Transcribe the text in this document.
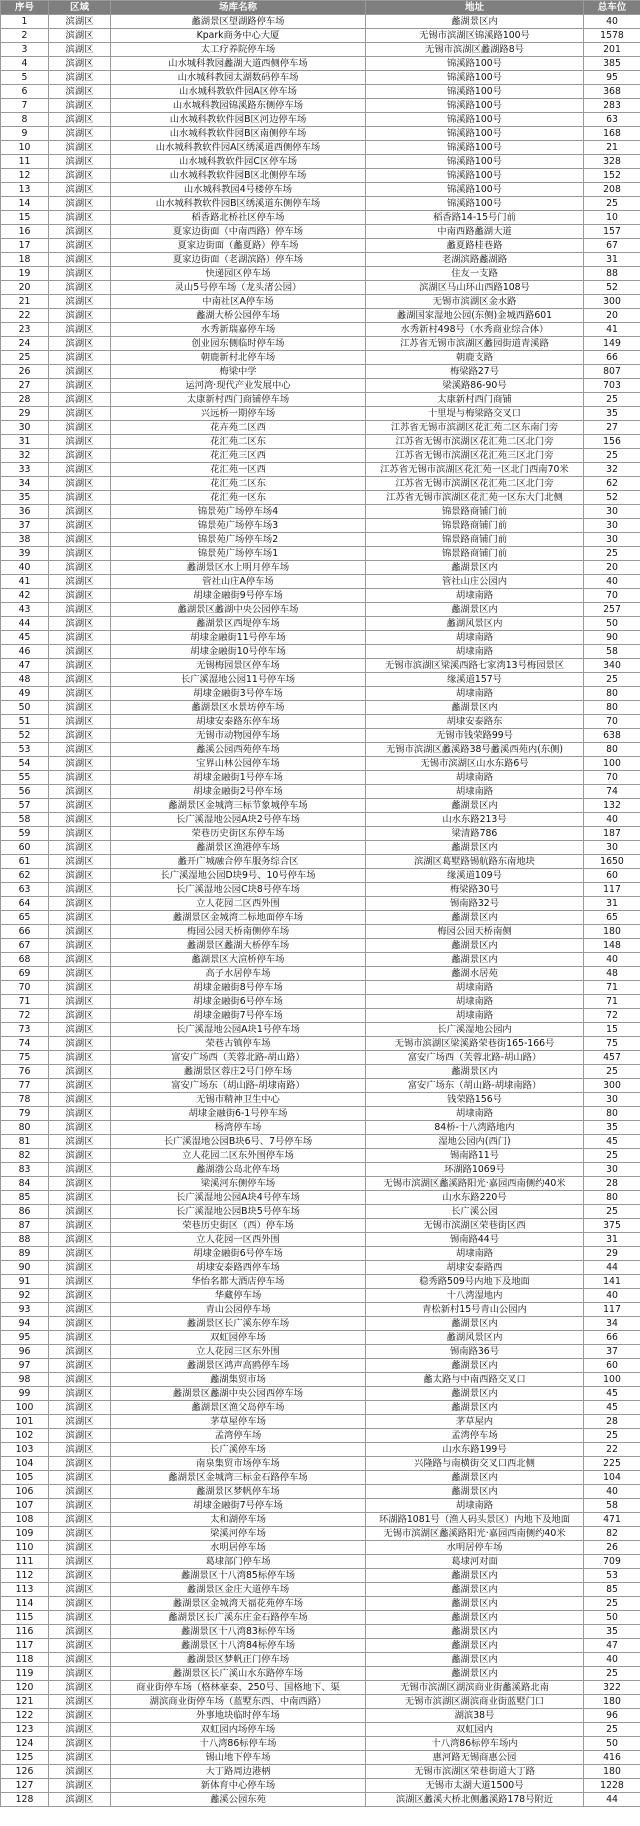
序号	区域	场库名称	地址	总车位
1	滨湖区	蠡湖景区望湖路停车场	蠡湖景区内	40
2	滨湖区	Kpark商务中心大厦	无锡市滨湖区锦溪路100号	1578
3	滨湖区	太工疗养院停车场	无锡市滨湖区蠡湖路8号	201
4	滨湖区	山水城科教园蠡湖大道西侧停车场	锦溪路100号	385
5	滨湖区	山水城科教园太湖数码停车场	锦溪路100号	95
6	滨湖区	山水城科教软件园A区停车场	锦溪路100号	368
7	滨湖区	山水城科教园锦溪路东侧停车场	锦溪路100号	283
8	滨湖区	山水城科教软件园B区河边停车场	锦溪路100号	63
9	滨湖区	山水城科教软件园B区南侧停车场	锦溪路100号	168
10	滨湖区	山水城科教软件园A区绣溪道西侧停车场	锦溪路100号	21
11	滨湖区	山水城科教软件园C区停车场	锦溪路100号	328
12	滨湖区	山水城科教软件园B区北侧停车场	锦溪路100号	152
13	滨湖区	山水城科教园4号楼停车场	锦溪路100号	208
14	滨湖区	山水城科教软件园B区绣溪道东侧停车场	锦溪路100号	25
15	滨湖区	稻香路北桥社区停车场	稻香路14-15号门前	10
16	滨湖区	夏家边街面（中南西路）停车场	中南西路蠡湖大道	157
17	滨湖区	夏家边街面（蠡夏路）停车场	蠡夏路桂巷路	67
18	滨湖区	夏家边街面（老湖滨路）停车场	老湖滨路蠡湖路	31
19	滨湖区	快递园区停车场	住友一支路	88
20	滨湖区	灵山5号停车场（龙头渚公园）	滨湖区马山环山西路108号	52
21	滨湖区	中南社区A停车场	无锡市滨湖区金水路	300
22	滨湖区	蠡湖大桥公园停车场	蠡湖国家湿地公园(东侧)金城西路601	20
23	滨湖区	水秀新瑞嘉停车场	水秀新村498号（水秀商业综合体）	41
24	滨湖区	创业园东侧临时停车场	江苏省无锡市滨湖区蠡园街道青溪路	149
25	滨湖区	朝鹿新村北停车场	朝鹿支路	66
26	滨湖区	梅梁中学	梅梁路27号	807
27	滨湖区	运河湾·现代产业发展中心	梁溪路86-90号	703
28	滨湖区	太康新村西门商铺停车场	太康新村西门商铺	25
29	滨湖区	兴远桥一期停车场	十里堤与梅梁路交叉口	35
30	滨湖区	花卉苑二区西	江苏省无锡市滨湖区花汇苑二区东南门旁	27
31	滨湖区	花汇苑二区东	江苏省无锡市滨湖区花汇苑二区北门旁	156
32	滨湖区	花汇苑三区西	江苏省无锡市滨湖区花汇苑三区北门旁	25
33	滨湖区	花汇苑一区西	江苏省无锡市滨湖区花汇苑一区北门西南70米	32
34	滨湖区	花汇苑二区东	江苏省无锡市滨湖区花汇苑二区北门旁	62
35	滨湖区	花汇苑一区东	江苏省无锡市滨湖区花汇苑一区东大门北侧	52
36	滨湖区	锦景苑广场停车场4	锦景路商铺门前	30
37	滨湖区	锦景苑广场停车场3	锦景路商铺门前	30
38	滨湖区	锦景苑广场停车场2	锦景路商铺门前	30
39	滨湖区	锦景苑广场停车场1	锦景路商铺门前	25
40	滨湖区	蠡湖景区水上明月停车场	蠡湖景区内	20
41	滨湖区	管社山庄A停车场	管社山庄公园内	40
42	滨湖区	胡埭金融街9号停车场	胡埭南路	70
43	滨湖区	蠡湖景区蠡湖中央公园停车场	蠡湖景区内	257
44	滨湖区	蠡湖景区西堤停车场	蠡湖风景区内	50
45	滨湖区	胡埭金融街11号停车场	胡埭南路	90
46	滨湖区	胡埭金融街10号停车场	胡埭南路	58
47	滨湖区	无锡梅园景区停车场	无锡市滨湖区梁溪西路七家湾13号梅园景区	340
48	滨湖区	长广溪湿地公园11号停车场	缘溪道157号	25
49	滨湖区	胡埭金融街3号停车场	胡埭南路	80
50	滨湖区	蠡湖景区水景坊停车场	蠡湖景区内	80
51	滨湖区	胡埭安泰路东停车场	胡埭安泰路东	70
52	滨湖区	无锡市动物园停车场	无锡市钱荣路99号	638
53	滨湖区	蠡溪公园西苑停车场	无锡市滨湖区蠡溪路38号蠡溪西苑内(东侧)	80
54	滨湖区	宝界山林公园停车场	无锡市滨湖区山水东路6号	100
55	滨湖区	胡埭金融街1号停车场	胡埭南路	70
56	滨湖区	胡埭金融街2号停车场	胡埭南路	74
57	滨湖区	蠡湖景区金城湾三标节象城停车场	蠡湖景区内	132
58	滨湖区	长广溪湿地公园A块2号停车场	山水东路213号	40
59	滨湖区	荣巷历史街区东停车场	梁清路786	187
60	滨湖区	蠡湖景区渔港停车场	蠡湖景区内	30
61	滨湖区	蠡开广城融合停车服务综合区	滨湖区葛墅路锡航路东南地块	1650
62	滨湖区	长广溪湿地公园D块9号、10号停车场	缘溪道109号	60
63	滨湖区	长广溪湿地公园C块8号停车场	梅梁路30号	117
64	滨湖区	立人花园二区西外围	锡南路32号	31
65	滨湖区	蠡湖景区金城湾二标地面停车场	蠡湖景区内	65
66	滨湖区	梅园公园天桥南侧停车场	梅园公园天桥南侧	180
67	滨湖区	蠡湖景区蠡湖大桥停车场	蠡湖景区内	148
68	滨湖区	蠡湖景区大渲桥停车场	蠡湖景区内	40
69	滨湖区	高子水居停车场	蠡湖水居苑	48
70	滨湖区	胡埭金融街8号停车场	胡埭南路	71
71	滨湖区	胡埭金融街6号停车场	胡埭南路	71
72	滨湖区	胡埭金融街7号停车场	胡埭南路	72
73	滨湖区	长广溪湿地公园A块1号停车场	长广溪湿地公园内	15
74	滨湖区	荣巷古镇停车场	无锡市滨湖区梁溪路荣巷街165-166号	75
75	滨湖区	富安广场西（芙蓉北路-胡山路）	富安广场西（芙蓉北路-胡山路）	457
76	滨湖区	蠡湖景区蓉庄2号门停车场	蠡湖景区内	25
77	滨湖区	富安广场东（胡山路-胡埭南路）	富安广场东（胡山路-胡埭南路）	300
78	滨湖区	无锡市精神卫生中心	钱荣路156号	30
79	滨湖区	胡埭金融街6-1号停车场	胡埭南路	80
80	滨湖区	杨湾停车场	84桥-十八湾路地内	35
81	滨湖区	长广溪湿地公园B块6号、7号停车场	湿地公园内(西门)	45
82	滨湖区	立人花园二区东外围停车场	锡南路11号	25
83	滨湖区	蠡湖渤公岛北停车场	环湖路1069号	30
84	滨湖区	梁溪河东侧停车场	无锡市滨湖区蠡溪路阳光·嘉园西南侧约40米	28
85	滨湖区	长广溪湿地公园A块4号停车场	山水东路220号	80
86	滨湖区	长广溪湿地公园B块5号停车场	长广溪公园	25
87	滨湖区	荣巷历史街区（西）停车场	无锡市滨湖区荣巷街区西	375
88	滨湖区	立人花园一区西外围	锡南路44号	31
89	滨湖区	胡埭金融街6号停车场	胡埭南路	29
90	滨湖区	胡埭安泰路西停车场	胡埭安泰路西	44
91	滨湖区	华怡名都大酒店停车场	稳秀路509号内地下及地面	141
92	滨湖区	华藏停车场	十八湾湿地内	40
93	滨湖区	青山公园停车场	青松新村15号青山公园内	117
94	滨湖区	蠡湖景区长广溪东停车场	蠡湖景区内	34
95	滨湖区	双虹园停车场	蠡湖风景区内	66
96	滨湖区	立人花园三区东外围	锡南路36号	37
97	滨湖区	蠡湖景区鸿声高鸥停车场	蠡湖景区内	60
98	滨湖区	蠡湖集贸市场	蠡太路与中南西路交叉口	100
99	滨湖区	蠡湖景区蠡湖中央公园西停车场	蠡湖景区内	45
100	滨湖区	蠡湖景区渔父岛停车场	蠡湖景区内	45
101	滨湖区	茅草屋停车场	茅草屋内	28
102	滨湖区	孟湾停车场	孟湾停车场	25
103	滨湖区	长广溪停车场	山水东路199号	22
104	滨湖区	南泉集贸市场停车场	兴隆路与南横街交叉口西北侧	225
105	滨湖区	蠡湖景区金城湾三标金石路停车场	蠡湖景区内	104
106	滨湖区	蠡湖景区梦帆停车场	蠡湖景区内	40
107	滨湖区	胡埭金融街7号停车场	胡埭南路	58
108	滨湖区	太和湖停车场	环湖路1081号（渔人码头景区）内地下及地面	471
109	滨湖区	梁溪河停车场	无锡市滨湖区蠡溪路阳光·嘉园西南侧约40米	82
110	滨湖区	水明居停车场	水明居停车场	26
111	滨湖区	葛埭部门停车场	葛埭河对面	709
112	滨湖区	蠡湖景区十八湾85标停车场	蠡湖景区内	53
113	滨湖区	蠡湖景区金庄大道停车场	蠡湖景区内	85
114	滨湖区	蠡湖景区金城湾天福花苑停车场	蠡湖景区内	25
115	滨湖区	蠡湖景区长广溪东庄金石路停车场	蠡湖景区内	50
116	滨湖区	蠡湖景区十八湾83标停车场	蠡湖景区内	35
117	滨湖区	蠡湖景区十八湾84标停车场	蠡湖景区内	47
118	滨湖区	蠡湖景区梦帆正门停车场	蠡湖景区内	40
119	滨湖区	蠡湖景区长广溪山水东路停车场	蠡湖景区内	25
120	滨湖区	商业街停车场（格林豪泰、250号、国格地下、渠	无锡市滨湖区湖滨商业街蠡溪路北南	322
121	滨湖区	湖滨商业街停车场（蓝墅东西、中南西路）	无锡市滨湖区湖滨商业街蓝墅门口	180
122	滨湖区	外事地块临时停车场	湖滨38号	96
123	滨湖区	双虹园内场停车场	双虹园内	25
124	滨湖区	十八湾86标停车场	十八湾86标停车场内	50
125	滨湖区	锡山地下停车场	惠河路无锡商惠公园	416
126	滨湖区	大丁路周边港柄	无锡市滨湖区荣巷街道大丁路	180
127	滨湖区	新体育中心停车场	无锡市太湖大道1500号	1228
128	滨湖区	蠡溪公园东苑	滨湖区蠡溪大桥北侧蠡溪路178号附近	44
